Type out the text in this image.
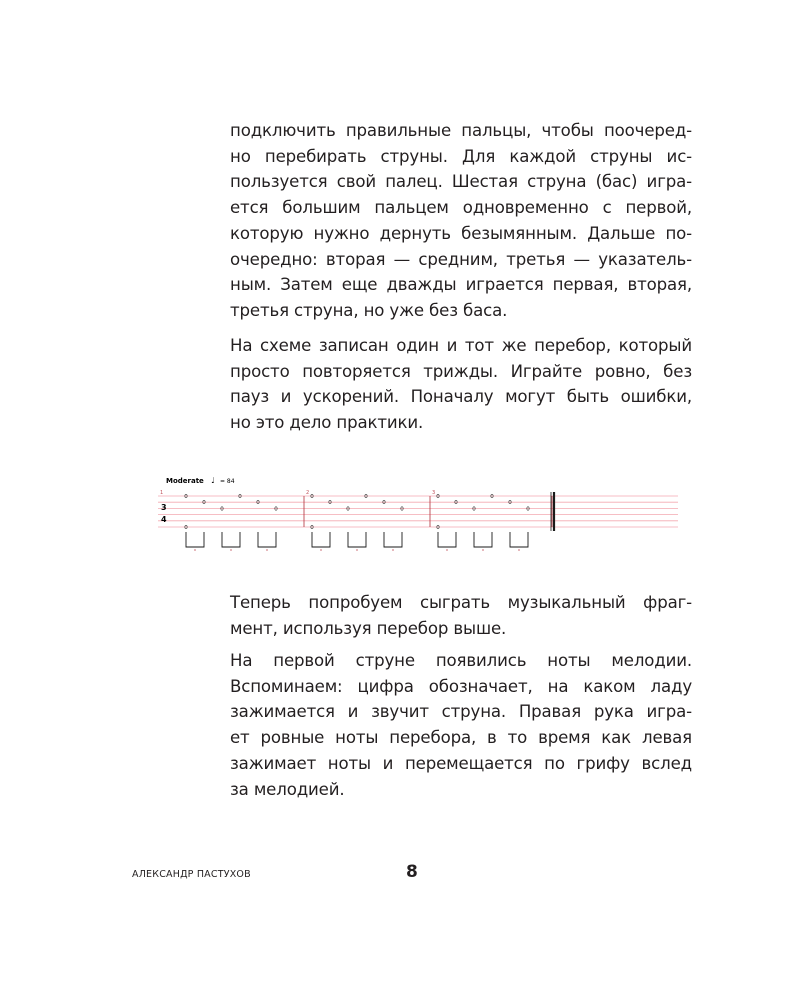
подключить правильные пальцы, чтобы поочеред-
но перебирать струны. Для каждой струны ис-
пользуется свой палец. Шестая струна (бас) игра-
ется большим пальцем одновременно с первой,
которую нужно дернуть безымянным. Дальше по-
очередно: вторая — средним, третья — указатель-
ным. Затем еще дважды играется первая, вторая,
третья струна, но уже без баса.
На схеме записан один и тот же перебор, который
просто повторяется трижды. Играйте ровно, без
пауз и ускорений. Поначалу могут быть ошибки,
но это дело практики.
Moderate ♩ = 84
3
4
1	2	3
0
0
0
0
0
0
0
0
0
0
0
0
0
0
0
0
0
0
0
0
0
Теперь попробуем сыграть музыкальный фраг-
мент, используя перебор выше.
На первой струне появились ноты мелодии.
Вспоминаем: цифра обозначает, на каком ладу
зажимается и звучит струна. Правая рука игра-
ет ровные ноты перебора, в то время как левая
зажимает ноты и перемещается по грифу вслед
за мелодией.
АЛЕКСАНДР ПАСТУХОВ	8
